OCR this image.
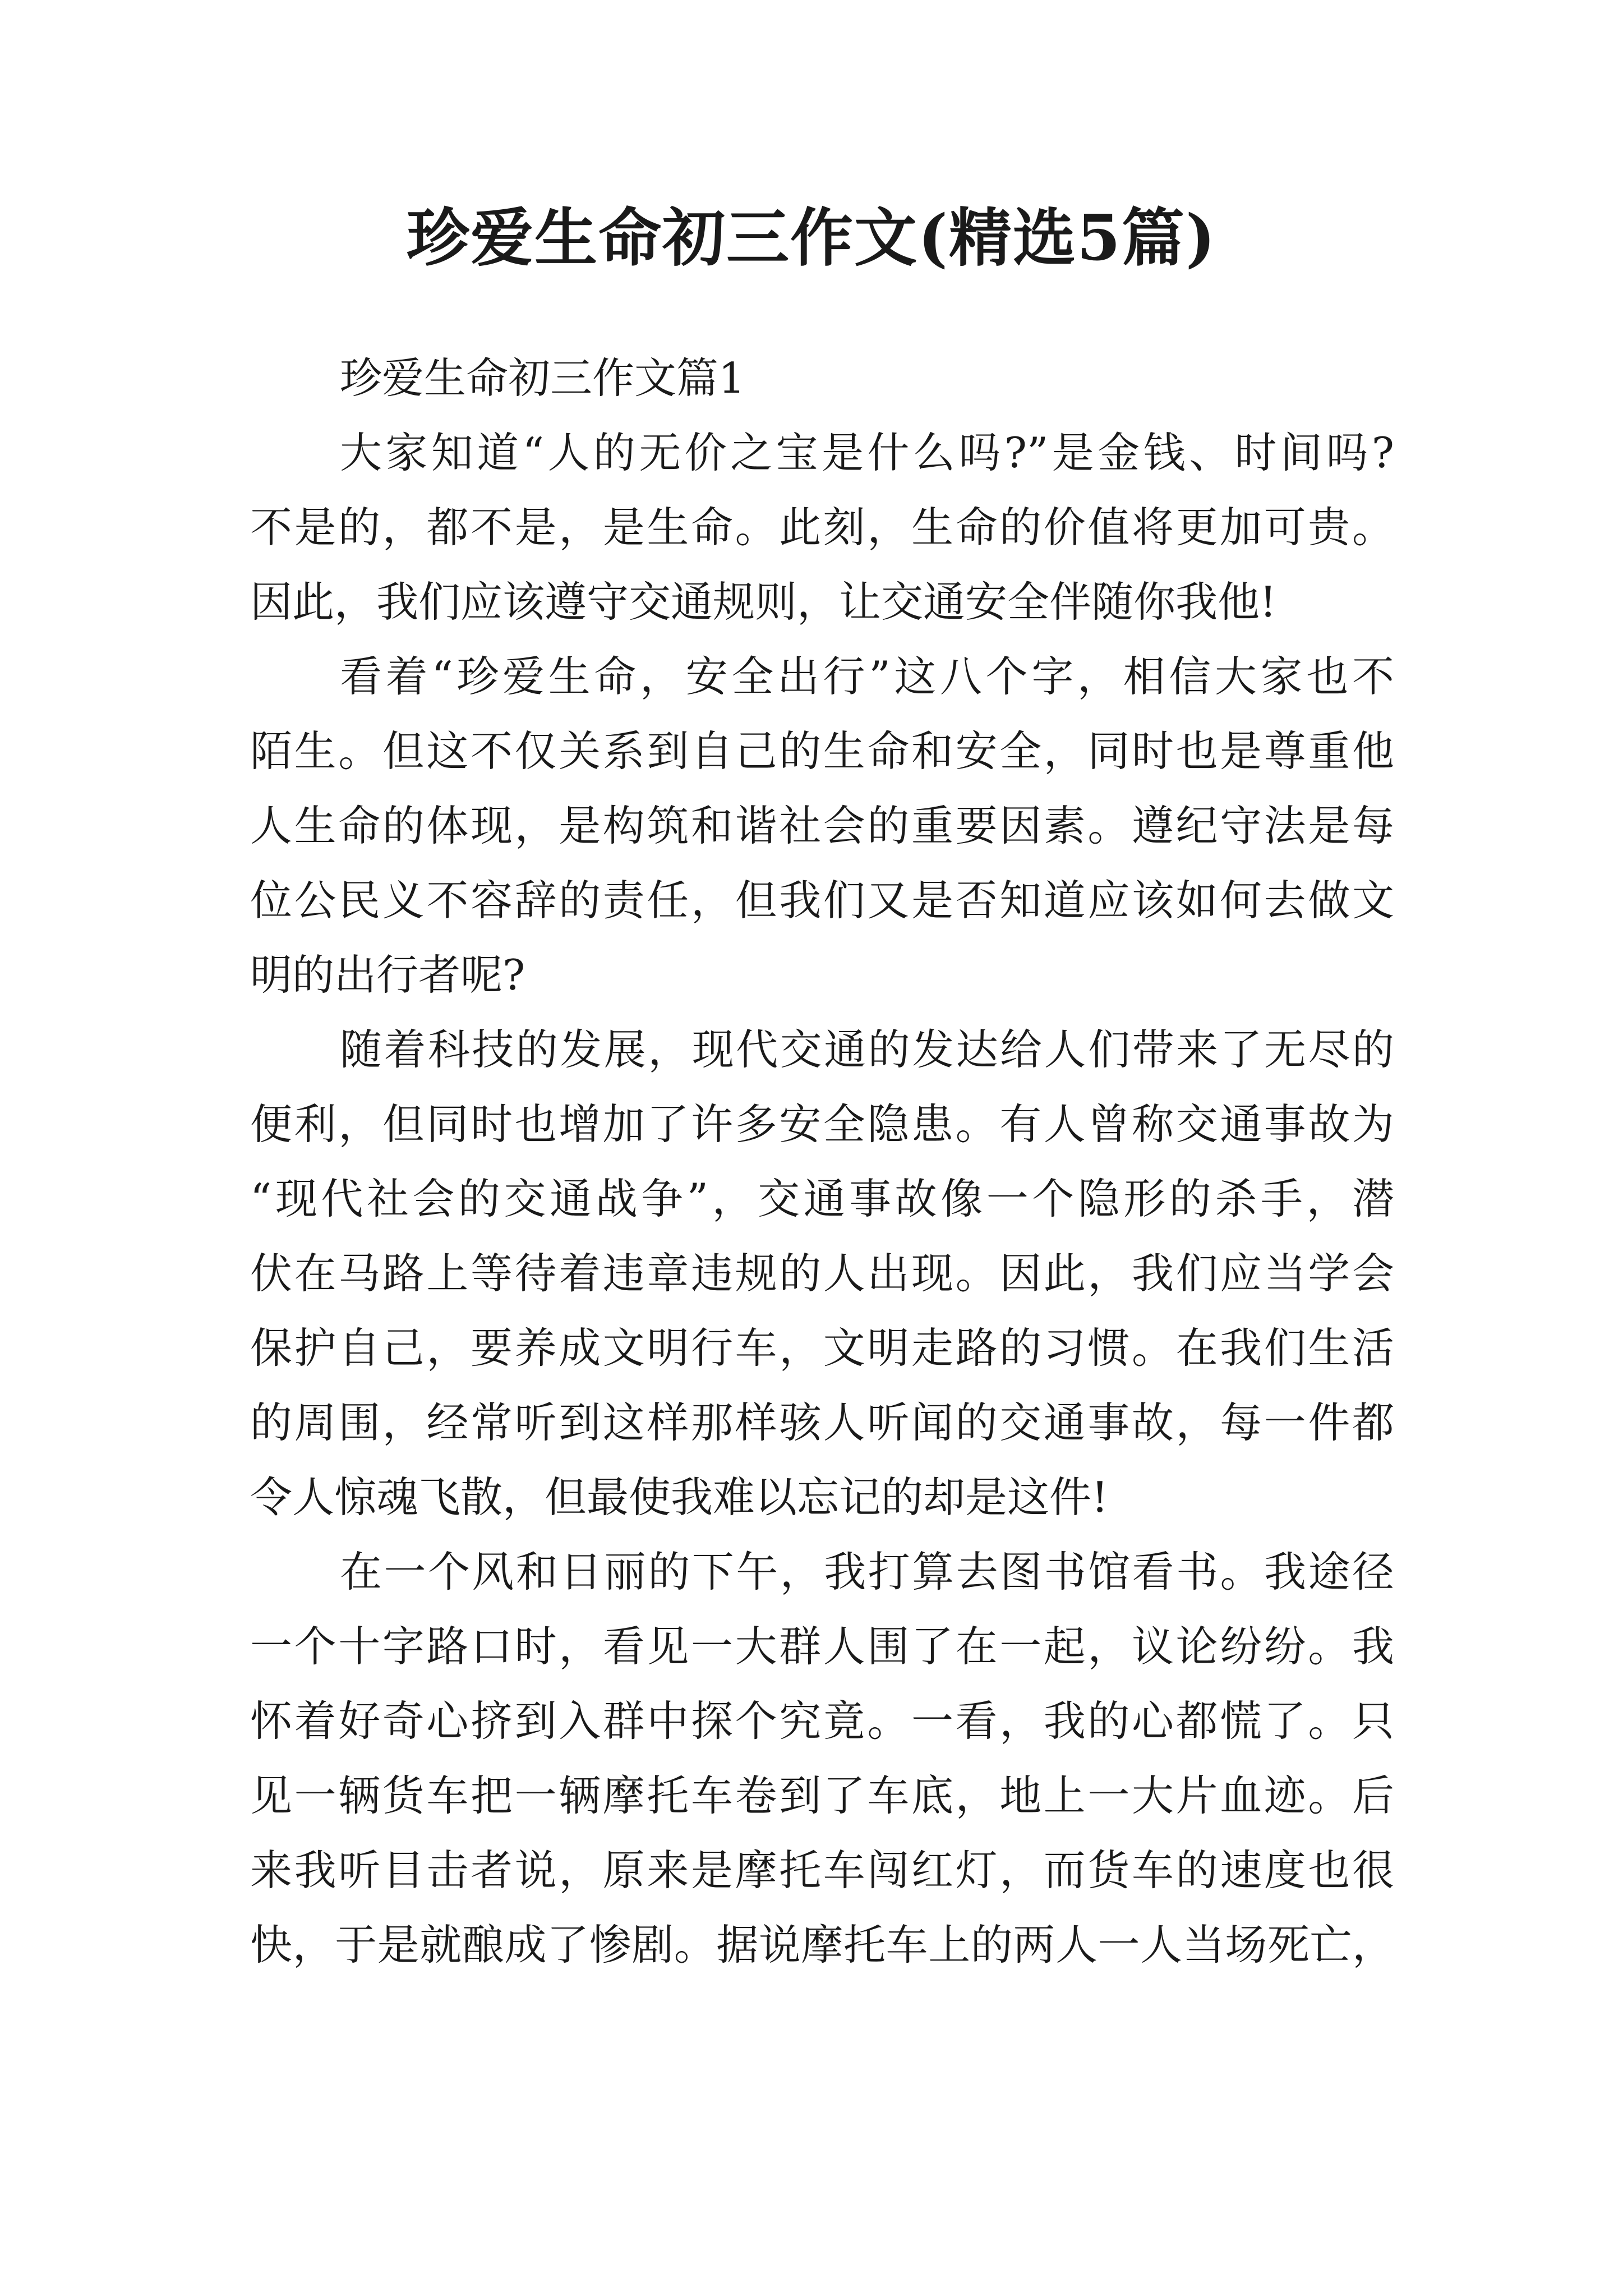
珍爱生命初三作文(精选5篇)
珍爱生命初三作文篇1
大家知道“人的无价之宝是什么吗?”是金钱、时间吗?
不是的，都不是，是生命。此刻，生命的价值将更加可贵。
因此，我们应该遵守交通规则，让交通安全伴随你我他!
看着“珍爱生命，安全出行”这八个字，相信大家也不
陌生。但这不仅关系到自己的生命和安全，同时也是尊重他
人生命的体现，是构筑和谐社会的重要因素。遵纪守法是每
位公民义不容辞的责任，但我们又是否知道应该如何去做文
明的出行者呢?
随着科技的发展，现代交通的发达给人们带来了无尽的
便利，但同时也增加了许多安全隐患。有人曾称交通事故为
“现代社会的交通战争”，交通事故像一个隐形的杀手，潜
伏在马路上等待着违章违规的人出现。因此，我们应当学会
保护自己，要养成文明行车，文明走路的习惯。在我们生活
的周围，经常听到这样那样骇人听闻的交通事故，每一件都
令人惊魂飞散，但最使我难以忘记的却是这件!
在一个风和日丽的下午，我打算去图书馆看书。我途径
一个十字路口时，看见一大群人围了在一起，议论纷纷。我
怀着好奇心挤到入群中探个究竟。一看，我的心都慌了。只
见一辆货车把一辆摩托车卷到了车底，地上一大片血迹。后
来我听目击者说，原来是摩托车闯红灯，而货车的速度也很
快，于是就酿成了惨剧。据说摩托车上的两人一人当场死亡，
